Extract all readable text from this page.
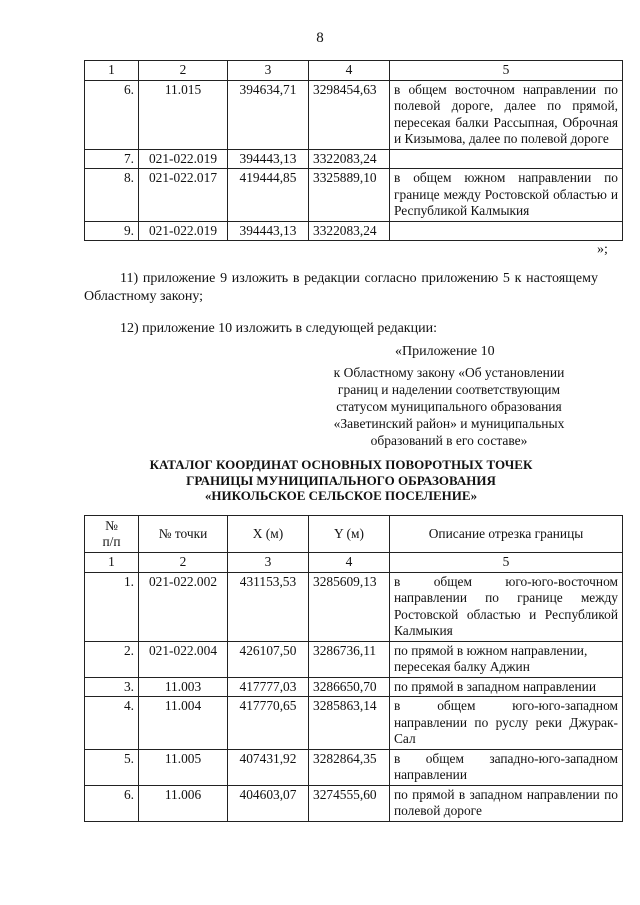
8
1	2	3	4	5
6.	11.015	394634,71	3298454,63	в общем восточном направлении по полевой дороге, далее по прямой, пересекая балки Рассыпная, Оброчная и Кизымова, далее по полевой дороге
7.	021-022.019	394443,13	3322083,24	
8.	021-022.017	419444,85	3325889,10	в общем южном направлении по границе между Ростовской областью и Республикой Калмыкия
9.	021-022.019	394443,13	3322083,24	
»;
11) приложение 9 изложить в редакции согласно приложению 5 к настоящему Областному закону;
12) приложение 10 изложить в следующей редакции:
«Приложение 10
к Областному закону «Об установлении
границ и наделении соответствующим
статусом муниципального образования
«Заветинский район» и муниципальных
образований в его составе»
КАТАЛОГ КООРДИНАТ ОСНОВНЫХ ПОВОРОТНЫХ ТОЧЕК
ГРАНИЦЫ МУНИЦИПАЛЬНОГО ОБРАЗОВАНИЯ
«НИКОЛЬСКОЕ СЕЛЬСКОЕ ПОСЕЛЕНИЕ»
№
п/п	№ точки	X (м)	Y (м)	Описание отрезка границы
1	2	3	4	5
1.	021-022.002	431153,53	3285609,13	в общем юго-юго-восточном направлении по границе между Ростовской областью и Республикой Калмыкия
2.	021-022.004	426107,50	3286736,11	по прямой в южном направлении, пересекая балку Аджин
3.	11.003	417777,03	3286650,70	по прямой в западном направлении
4.	11.004	417770,65	3285863,14	в общем юго-юго-западном направлении по руслу реки Джурак-Сал
5.	11.005	407431,92	3282864,35	в общем западно-юго-западном направлении
6.	11.006	404603,07	3274555,60	по прямой в западном направлении по полевой дороге
